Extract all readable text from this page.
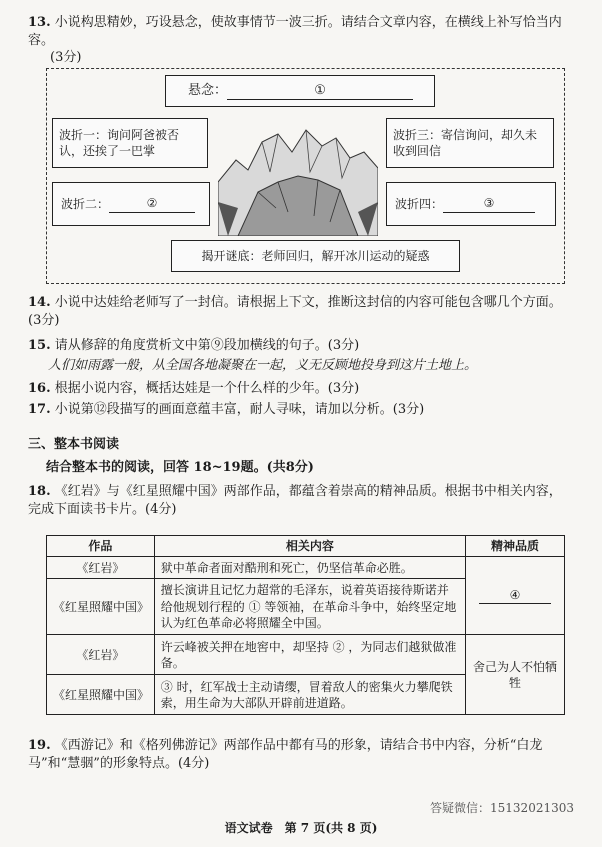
13. 小说构思精妙，巧设悬念，使故事情节一波三折。请结合文章内容，在横线上补写恰当内容。
(3分)
悬念：	①
波折一：询问阿爸被否认，还挨了一巴掌
波折二：	②
波折三：寄信询问，却久未收到回信
波折四：	③
揭开谜底：老师回归，解开冰川运动的疑惑
14. 小说中达娃给老师写了一封信。请根据上下文，推断这封信的内容可能包含哪几个方面。(3分)
15. 请从修辞的角度赏析文中第⑨段加横线的句子。(3分)
人们如雨露一般，从全国各地凝聚在一起，义无反顾地投身到这片土地上。
16. 根据小说内容，概括达娃是一个什么样的少年。(3分)
17. 小说第⑫段描写的画面意蕴丰富，耐人寻味，请加以分析。(3分)
三、整本书阅读
结合整本书的阅读，回答 18~19题。(共8分)
18. 《红岩》与《红星照耀中国》两部作品，都蕴含着崇高的精神品质。根据书中相关内容，完成下面读书卡片。(4分)
作品	相关内容	精神品质
《红岩》	狱中革命者面对酷刑和死亡，仍坚信革命必胜。	④
《红星照耀中国》	擅长演讲且记忆力超常的毛泽东，说着英语接待斯诺并给他规划行程的 ① 等领袖，在革命斗争中，始终坚定地认为红色革命必将照耀全中国。	
《红岩》	许云峰被关押在地窖中，却坚持 ② ，为同志们越狱做准备。	舍己为人不怕牺牲
《红星照耀中国》	③ 时，红军战士主动请缨，冒着敌人的密集火力攀爬铁索，用生命为大部队开辟前进道路。	
19. 《西游记》和《格列佛游记》两部作品中都有马的形象，请结合书中内容，分析“白龙马”和“慧骃”的形象特点。(4分)
答疑微信：15132021303
语文试卷　第 7 页(共 8 页)
